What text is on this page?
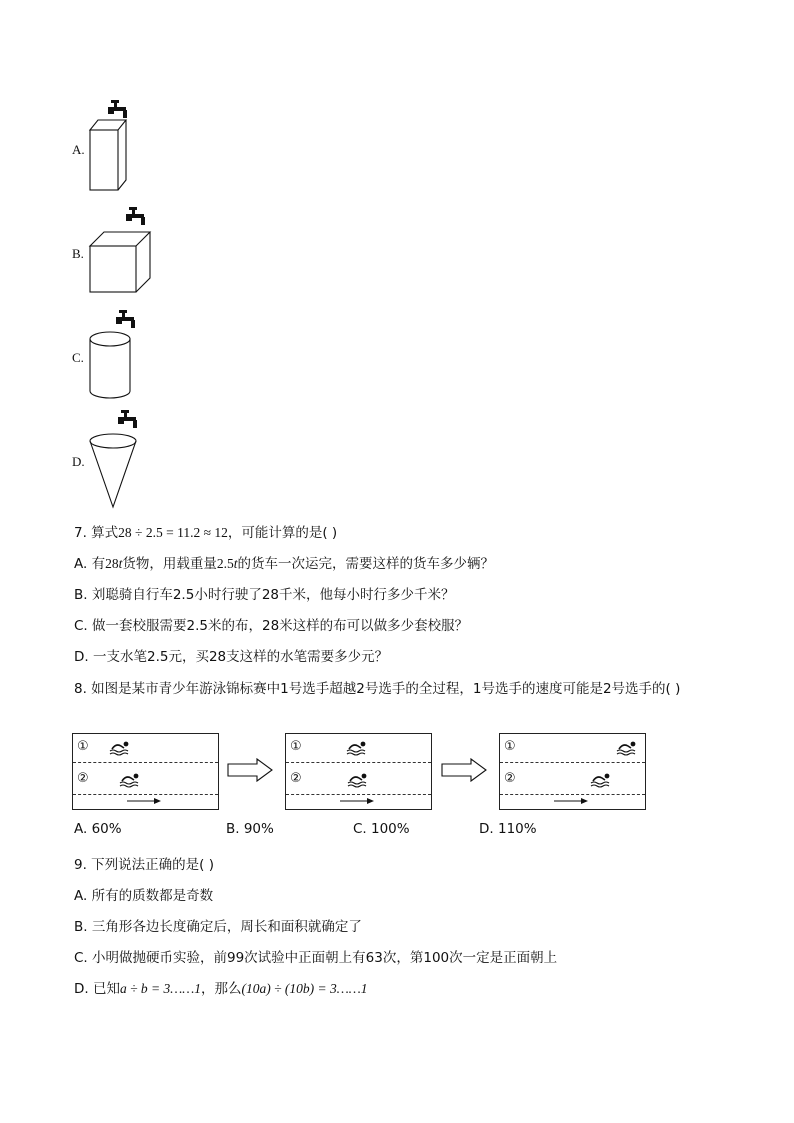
A.
B.
C.
D.
7. 算式28 ÷ 2.5 = 11.2 ≈ 12，可能计算的是( )
A. 有28t货物，用载重量2.5t的货车一次运完，需要这样的货车多少辆？
B. 刘聪骑自行车2.5小时行驶了28千米，他每小时行多少千米？
C. 做一套校服需要2.5米的布，28米这样的布可以做多少套校服？
D. 一支水笔2.5元，买28支这样的水笔需要多少元？
8. 如图是某市青少年游泳锦标赛中1号选手超越2号选手的全过程，1号选手的速度可能是2号选手的( )
①
②
①
②
①
②
A. 60%	B. 90%	C. 100%	D. 110%
9. 下列说法正确的是( )
A. 所有的质数都是奇数
B. 三角形各边长度确定后，周长和面积就确定了
C. 小明做抛硬币实验，前99次试验中正面朝上有63次，第100次一定是正面朝上
D. 已知a ÷ b = 3……1，那么(10a) ÷ (10b) = 3……1
